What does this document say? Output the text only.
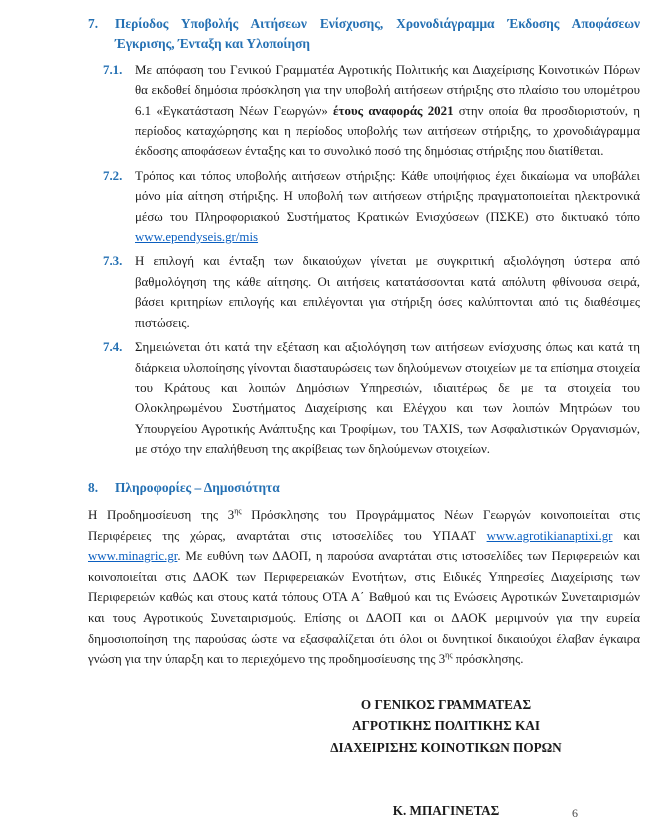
7.	Περίοδος Υποβολής Αιτήσεων Ενίσχυσης, Χρονοδιάγραμμα Έκδοσης Αποφάσεων Έγκρισης, Ένταξη και Υλοποίηση
7.1. Με απόφαση του Γενικού Γραμματέα Αγροτικής Πολιτικής και Διαχείρισης Κοινοτικών Πόρων θα εκδοθεί δημόσια πρόσκληση για την υποβολή αιτήσεων στήριξης στο πλαίσιο του υπομέτρου 6.1 «Εγκατάσταση Νέων Γεωργών» έτους αναφοράς 2021 στην οποία θα προσδιοριστούν, η περίοδος καταχώρησης και η περίοδος υποβολής των αιτήσεων στήριξης, το χρονοδιάγραμμα έκδοσης αποφάσεων ένταξης και το συνολικό ποσό της δημόσιας στήριξης που διατίθεται.
7.2. Τρόπος και τόπος υποβολής αιτήσεων στήριξης: Κάθε υποψήφιος έχει δικαίωμα να υποβάλει μόνο μία αίτηση στήριξης. Η υποβολή των αιτήσεων στήριξης πραγματοποιείται ηλεκτρονικά μέσω του Πληροφοριακού Συστήματος Κρατικών Ενισχύσεων (ΠΣΚΕ) στο δικτυακό τόπο www.ependyseis.gr/mis
7.3. Η επιλογή και ένταξη των δικαιούχων γίνεται με συγκριτική αξιολόγηση ύστερα από βαθμολόγηση της κάθε αίτησης. Οι αιτήσεις κατατάσσονται κατά απόλυτη φθίνουσα σειρά, βάσει κριτηρίων επιλογής και επιλέγονται για στήριξη όσες καλύπτονται από τις διαθέσιμες πιστώσεις.
7.4. Σημειώνεται ότι κατά την εξέταση και αξιολόγηση των αιτήσεων ενίσχυσης όπως και κατά τη διάρκεια υλοποίησης γίνονται διασταυρώσεις των δηλούμενων στοιχείων με τα επίσημα στοιχεία του Κράτους και λοιπών Δημόσιων Υπηρεσιών, ιδιαιτέρως δε με τα στοιχεία του Ολοκληρωμένου Συστήματος Διαχείρισης και Ελέγχου και των λοιπών Μητρώων του Υπουργείου Αγροτικής Ανάπτυξης και Τροφίμων, του TAXIS, των Ασφαλιστικών Οργανισμών, με στόχο την επαλήθευση της ακρίβειας των δηλούμενων στοιχείων.
8.	Πληροφορίες – Δημοσιότητα
Η Προδημοσίευση της $3^{\eta\varsigma}$ Πρόσκλησης του Προγράμματος Νέων Γεωργών κοινοποιείται στις Περιφέρειες της χώρας, αναρτάται στις ιστοσελίδες του ΥΠΑΑΤ www.agrotikianaptixi.gr και www.minagric.gr. Με ευθύνη των ΔΑΟΠ, η παρούσα αναρτάται στις ιστοσελίδες των Περιφερειών και κοινοποιείται στις ΔΑΟΚ των Περιφερειακών Ενοτήτων, στις Ειδικές Υπηρεσίες Διαχείρισης των Περιφερειών καθώς και στους κατά τόπους ΟΤΑ Α΄ Βαθμού και τις Ενώσεις Αγροτικών Συνεταιρισμών και τους Αγροτικούς Συνεταιρισμούς. Επίσης οι ΔΑΟΠ και οι ΔΑΟΚ μεριμνούν για την ευρεία δημοσιοποίηση της παρούσας ώστε να εξασφαλίζεται ότι όλοι οι δυνητικοί δικαιούχοι έλαβαν έγκαιρα γνώση για την ύπαρξη και το περιεχόμενο της προδημοσίευσης της $3^{\eta\varsigma}$ πρόσκλησης.
Ο ΓΕΝΙΚΟΣ ΓΡΑΜΜΑΤΕΑΣ
ΑΓΡΟΤΙΚΗΣ ΠΟΛΙΤΙΚΗΣ ΚΑΙ
ΔΙΑΧΕΙΡΙΣΗΣ ΚΟΙΝΟΤΙΚΩΝ ΠΟΡΩΝ
Κ. ΜΠΑΓΙΝΕΤΑΣ	6
